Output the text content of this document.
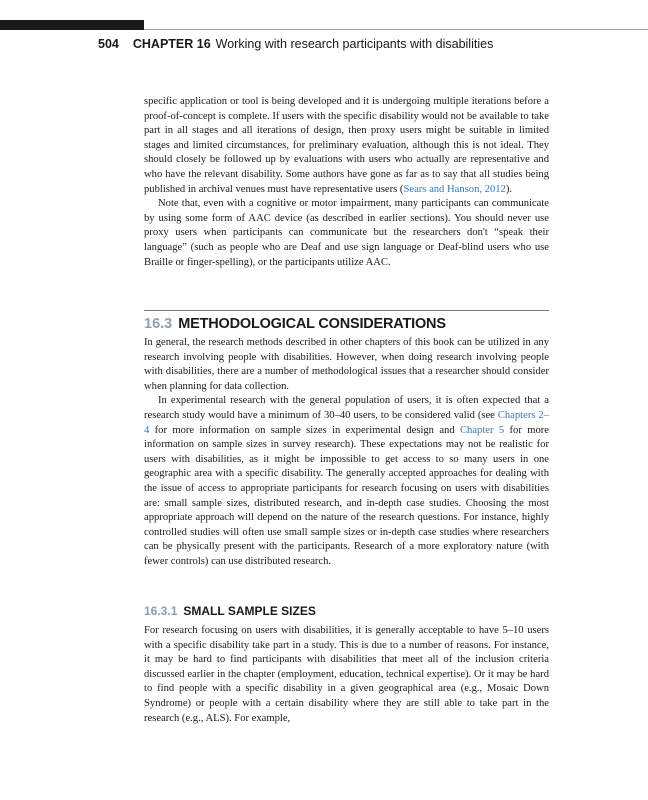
504 CHAPTER 16 Working with research participants with disabilities

specific application or tool is being developed and it is undergoing multiple iterations before a proof-of-concept is complete. If users with the specific disability would not be available to take part in all stages and all iterations of design, then proxy users might be suitable in limited stages and limited circumstances, for preliminary evaluation, although this is not ideal. They should closely be followed up by evaluations with users who actually are representative and who have the relevant disability. Some authors have gone as far as to say that all studies being published in archival venues must have representative users (Sears and Hanson, 2012).

Note that, even with a cognitive or motor impairment, many participants can communicate by using some form of AAC device (as described in earlier sections). You should never use proxy users when participants can communicate but the researchers don't “speak their language” (such as people who are Deaf and use sign language or Deaf-blind users who use Braille or finger-spelling), or the participants utilize AAC.

16.3 METHODOLOGICAL CONSIDERATIONS

In general, the research methods described in other chapters of this book can be utilized in any research involving people with disabilities. However, when doing research involving people with disabilities, there are a number of methodological issues that a researcher should consider when planning for data collection.

In experimental research with the general population of users, it is often expected that a research study would have a minimum of 30–40 users, to be considered valid (see Chapters 2–4 for more information on sample sizes in experimental design and Chapter 5 for more information on sample sizes in survey research). These expectations may not be realistic for users with disabilities, as it might be impossible to get access to so many users in one geographic area with a specific disability. The generally accepted approaches for dealing with the issue of access to appropriate participants for research focusing on users with disabilities are: small sample sizes, distributed research, and in-depth case studies. Choosing the most appropriate approach will depend on the nature of the research questions. For instance, highly controlled studies will often use small sample sizes or in-depth case studies where researchers can be physically present with the participants. Research of a more exploratory nature (with fewer controls) can use distributed research.

16.3.1 SMALL SAMPLE SIZES

For research focusing on users with disabilities, it is generally acceptable to have 5–10 users with a specific disability take part in a study. This is due to a number of reasons. For instance, it may be hard to find participants with disabilities that meet all of the inclusion criteria discussed earlier in the chapter (employment, education, technical expertise). Or it may be hard to find people with a specific disability in a given geographical area (e.g., Mosaic Down Syndrome) or people with a certain disability where they are still able to take part in the research (e.g., ALS). For example,
